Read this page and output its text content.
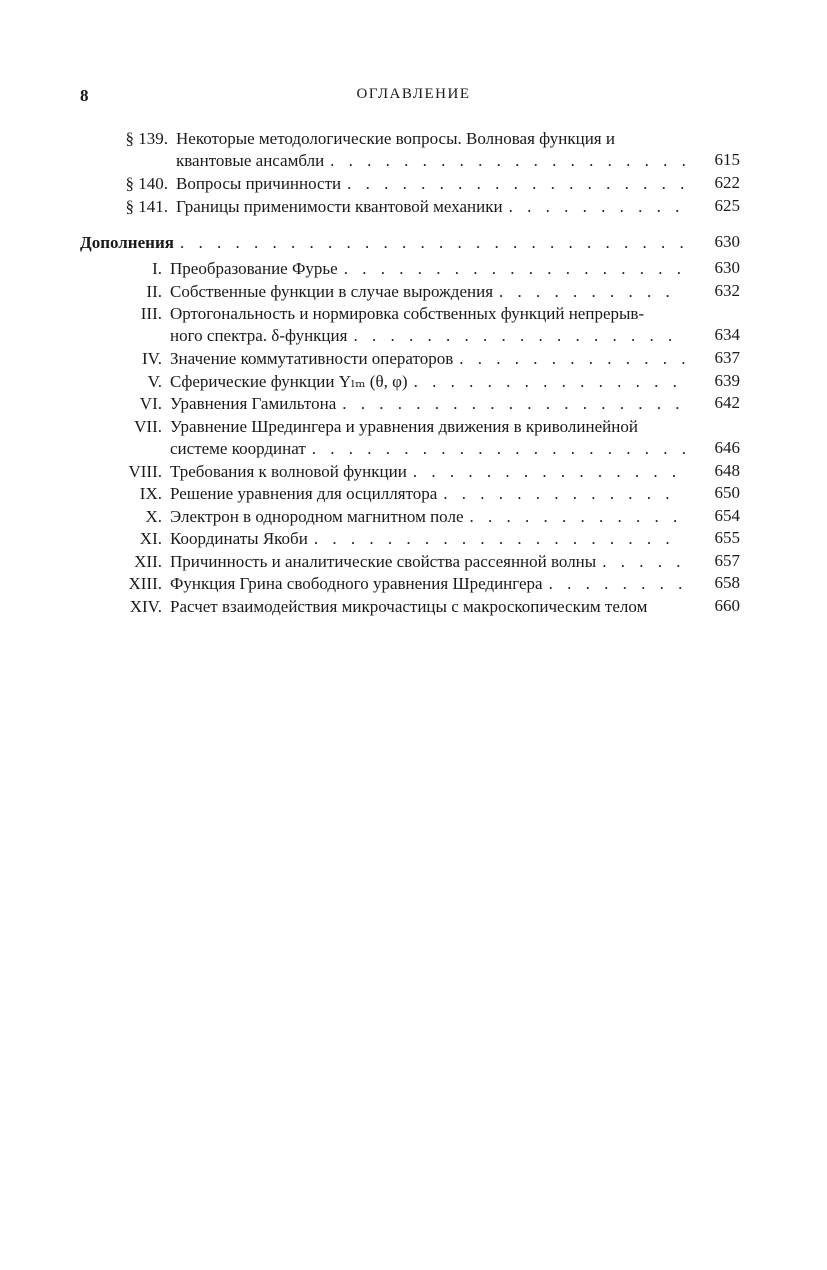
8	ОГЛАВЛЕНИЕ
§ 139. Некоторые методологические вопросы. Волновая функция и
квантовые ансамбли . . .	615
§ 140. Вопросы причинности . . .	622
§ 141. Границы применимости квантовой механики . . .	625
Дополнения . . .	630
I. Преобразование Фурье . . .	630
II. Собственные функции в случае вырождения . . .	632
III. Ортогональность и нормировка собственных функций непрерыв-
ного спектра. δ-функция . . .	634
IV. Значение коммутативности операторов . . .	637
V. Сферические функции Yₗₘ (θ, φ) . . .	639
VI. Уравнения Гамильтона . . .	642
VII. Уравнение Шредингера и уравнения движения в криволинейной
системе координат . . .	646
VIII. Требования к волновой функции . . .	648
IX. Решение уравнения для осциллятора . . .	650
X. Электрон в однородном магнитном поле . . .	654
XI. Координаты Якоби . . .	655
XII. Причинность и аналитические свойства рассеянной волны . . .	657
XIII. Функция Грина свободного уравнения Шредингера . . .	658
XIV. Расчет взаимодействия микрочастицы с макроскопическим телом	660
